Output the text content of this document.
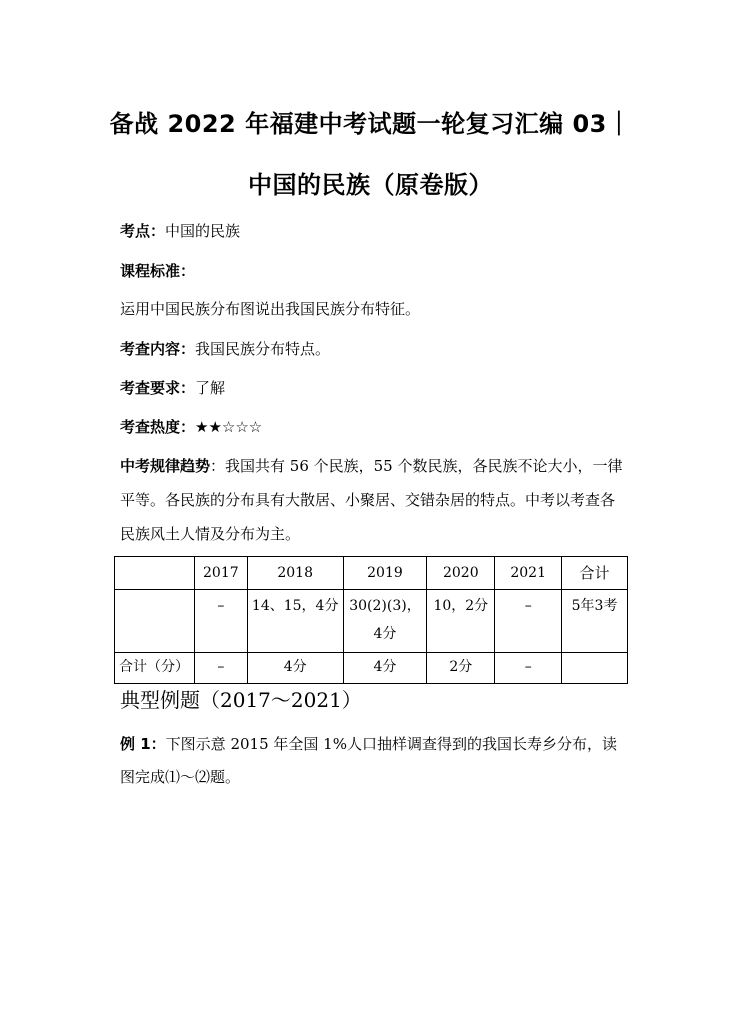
备战 2022 年福建中考试题一轮复习汇编 03｜
中国的民族（原卷版）
考点：中国的民族
课程标准：
运用中国民族分布图说出我国民族分布特征。
考查内容：我国民族分布特点。
考查要求：了解
考查热度：★★☆☆☆
中考规律趋势：我国共有 56 个民族，55 个数民族，各民族不论大小，一律平等。各民族的分布具有大散居、小聚居、交错杂居的特点。中考以考查各民族风土人情及分布为主。
	2017	2018	2019	2020	2021	合计
	–	14、15，4分	30(2)(3)，4分	10，2分	–	5年3考
合计（分）	–	4分	4分	2分	–	
典型例题（2017～2021）
例 1：下图示意 2015 年全国 1%人口抽样调查得到的我国长寿乡分布，读图完成⑴～⑵题。
